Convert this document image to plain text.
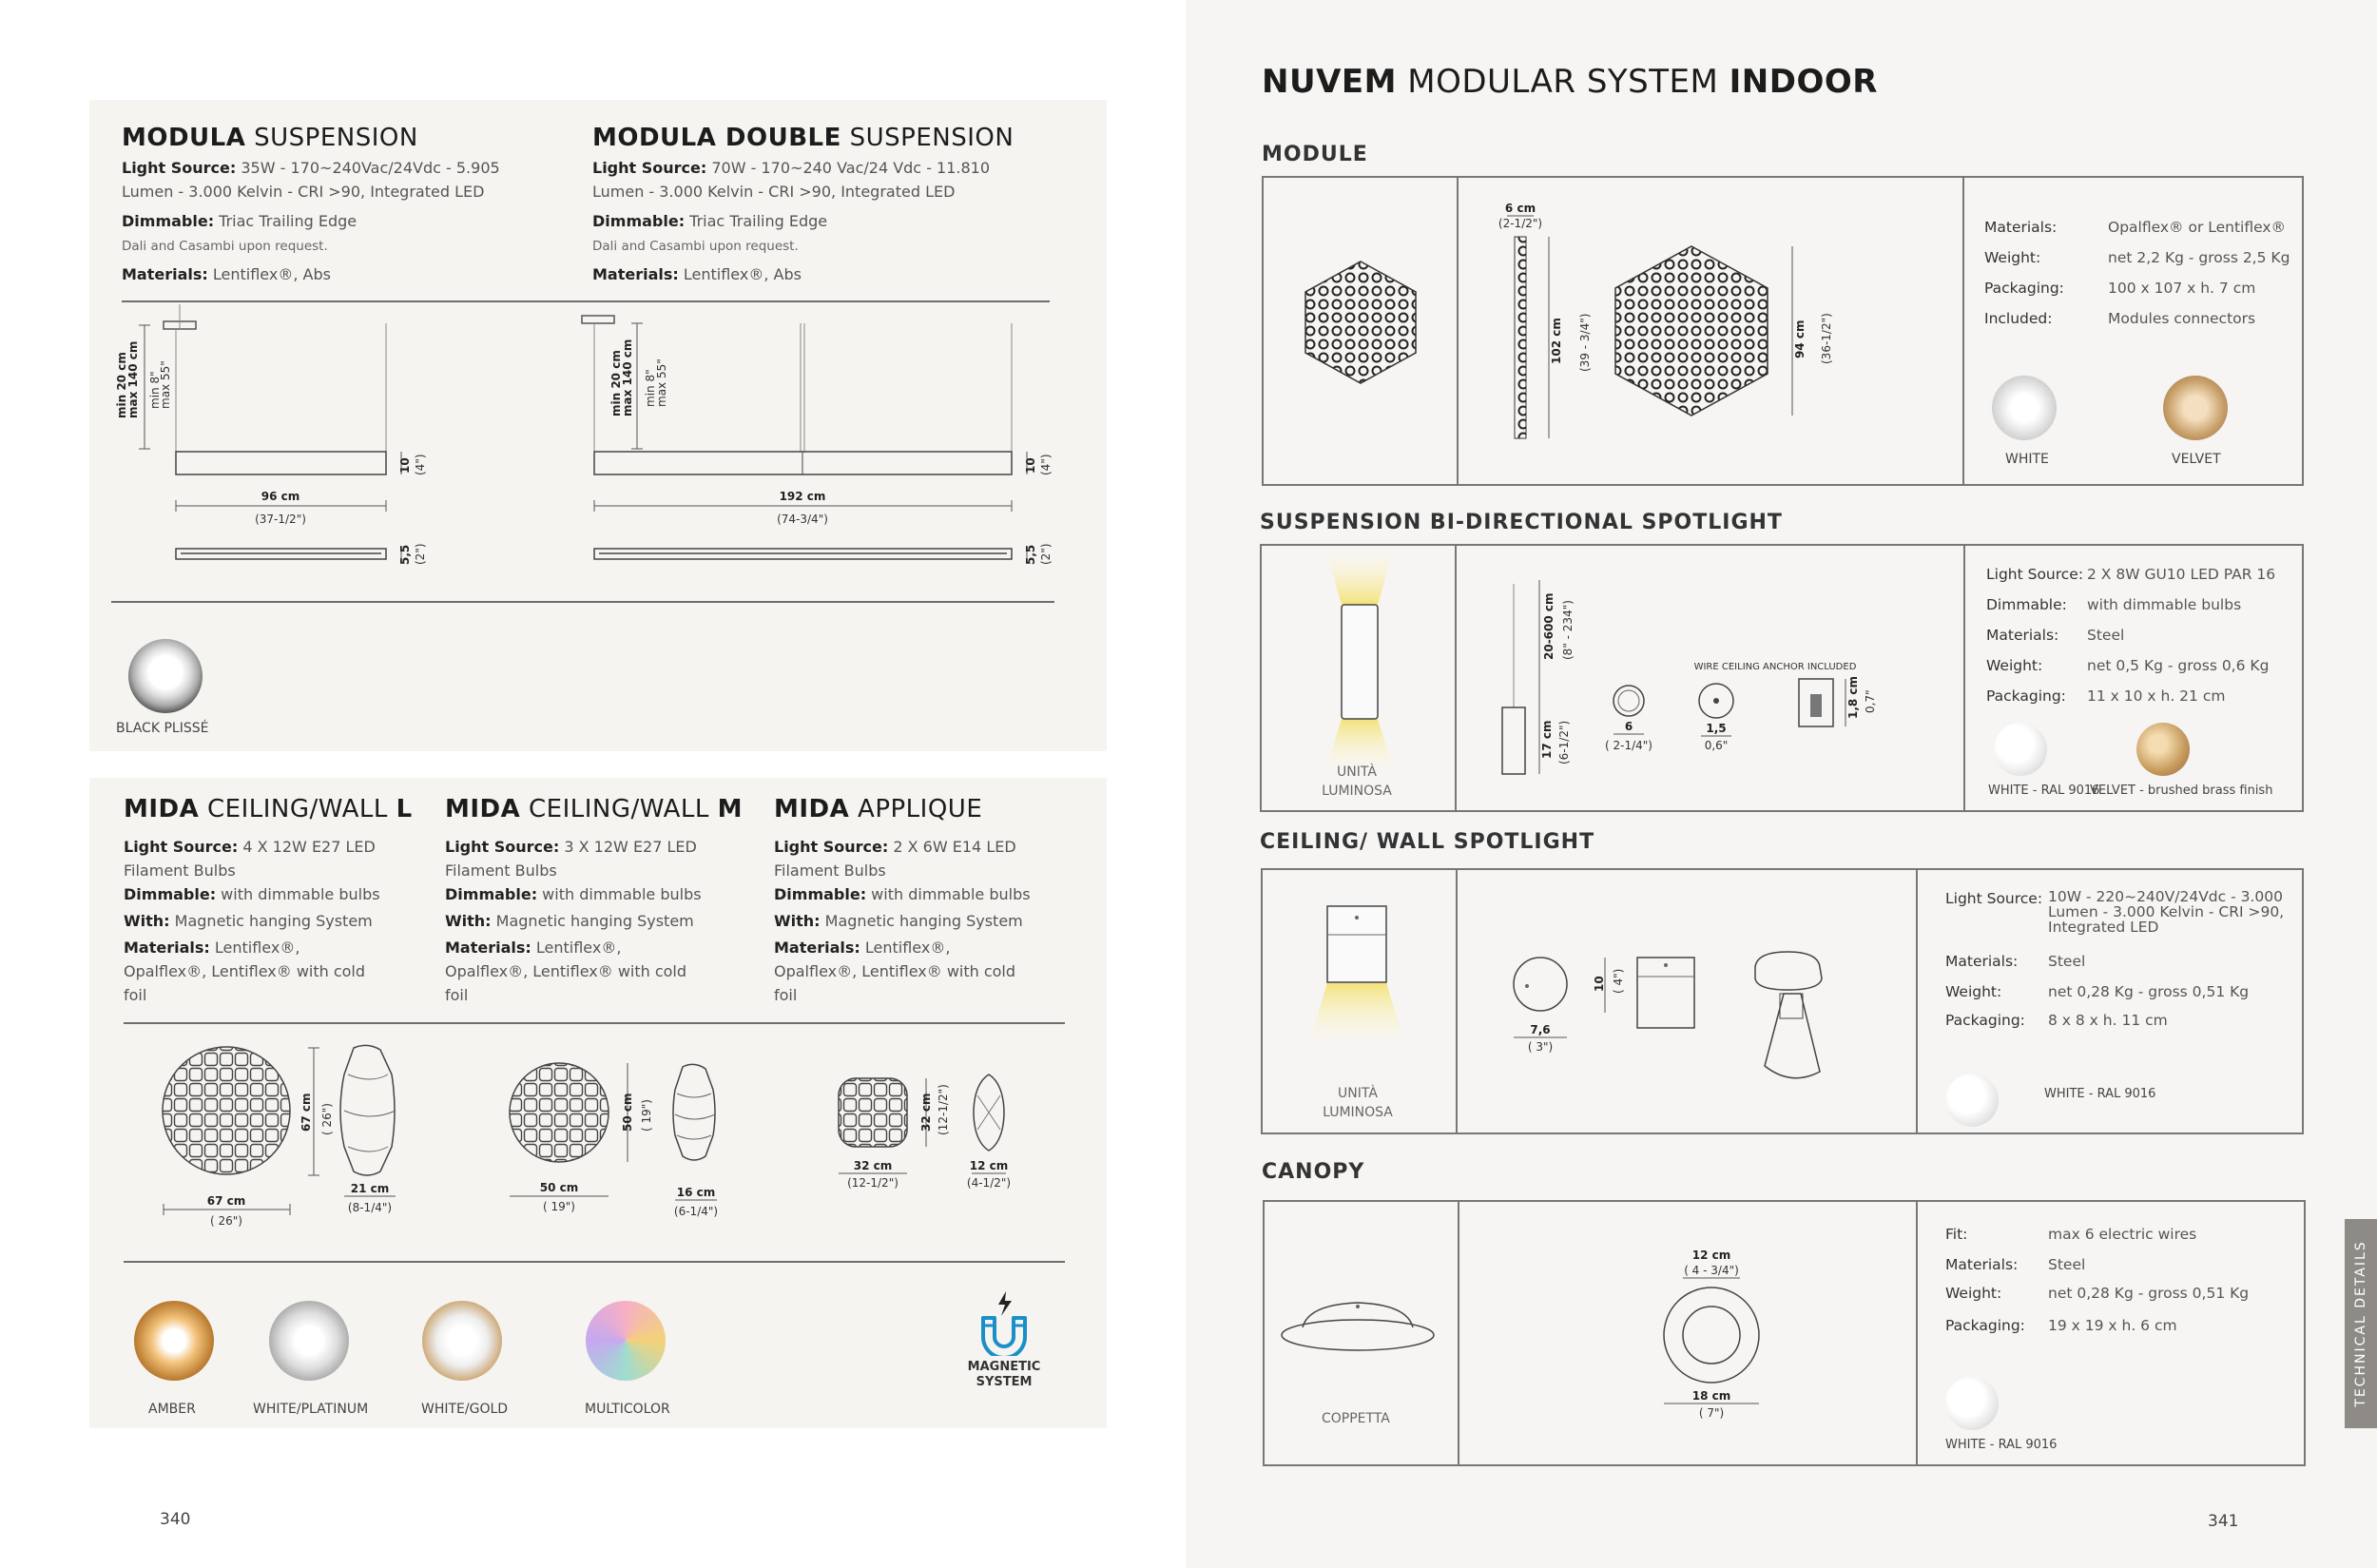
MODULA SUSPENSION
Light Source: 35W - 170~240Vac/24Vdc - 5.905 Lumen - 3.000 Kelvin - CRI >90, Integrated LED

Dimmable: Triac Trailing Edge
Dali and Casambi upon request.

Materials: Lentiflex®, Abs
MODULA DOUBLE SUSPENSION
Light Source: 70W - 170~240 Vac/24 Vdc - 11.810 Lumen - 3.000 Kelvin - CRI >90, Integrated LED

Dimmable: Triac Trailing Edge
Dali and Casambi upon request.

Materials: Lentiflex®, Abs
min 20 cm
max 140 cm min 8"
max 55"
10 (4")
96 cm
(37-1/2")
5,5 (2")
min 20 cm
max 140 cm min 8"
max 55"
10 (4")
192 cm
(74-3/4")
5,5 (2")
BLACK PLISSÉ
MIDA CEILING/WALL L
Light Source: 4 X 12W E27 LED Filament Bulbs
Dimmable: with dimmable bulbs

With: Magnetic hanging System

Materials: Lentiflex®, Opalflex®, Lentiflex® with cold foil
MIDA CEILING/WALL M
Light Source: 3 X 12W E27 LED Filament Bulbs
Dimmable: with dimmable bulbs

With: Magnetic hanging System

Materials: Lentiflex®, Opalflex®, Lentiflex® with cold foil
MIDA APPLIQUE
Light Source: 2 X 6W E14 LED Filament Bulbs
Dimmable: with dimmable bulbs

With: Magnetic hanging System

Materials: Lentiflex®, Opalflex®, Lentiflex® with cold foil
67 cm ( 26")
67 cm
( 26")
21 cm
(8-1/4")
50 cm ( 19")
50 cm
( 19")
16 cm
(6-1/4")
32 cm (12-1/2")
32 cm
(12-1/2")
12 cm
(4-1/2")
AMBER	WHITE/PLATINUM	WHITE/GOLD	MULTICOLOR
MAGNETIC
SYSTEM
340
NUVEM MODULAR SYSTEM INDOOR
MODULE
6 cm
(2-1/2")
102 cm (39 - 3/4")	94 cm (36-1/2")
Materials:	Opalflex® or Lentiflex®
Weight:	net 2,2 Kg - gross 2,5 Kg
Packaging:	100 x 107 x h. 7 cm
Included:	Modules connectors
WHITE	VELVET
SUSPENSION BI-DIRECTIONAL SPOTLIGHT
20-600 cm (8" - 234")
17 cm (6-1/2")	6
( 2-1/4")
WIRE CEILING ANCHOR INCLUDED
1,5
0,6"
1,8 cm 0,7"
UNITÀ
LUMINOSA
Light Source: 2 X 8W GU10 LED PAR 16
Dimmable: with dimmable bulbs
Materials: Steel
Weight:	net 0,5 Kg - gross 0,6 Kg
Packaging: 11 x 10 x h. 21 cm
WHITE - RAL 9016
VELVET - brushed brass finish
CEILING/ WALL SPOTLIGHT
7,6
( 3")
10 ( 4")
UNITÀ
LUMINOSA
Light Source: 10W - 220~240V/24Vdc - 3.000
Lumen - 3.000 Kelvin - CRI >90,
Integrated LED
Materials: Steel
Weight:	net 0,28 Kg - gross 0,51 Kg
Packaging: 8 x 8 x h. 11 cm
WHITE - RAL 9016
CANOPY
12 cm
( 4 - 3/4")
18 cm
( 7")
COPPETTA
Fit:	max 6 electric wires
Materials: Steel
Weight:	net 0,28 Kg - gross 0,51 Kg
Packaging: 19 x 19 x h. 6 cm
WHITE - RAL 9016
TECHNICAL DETAILS
341
